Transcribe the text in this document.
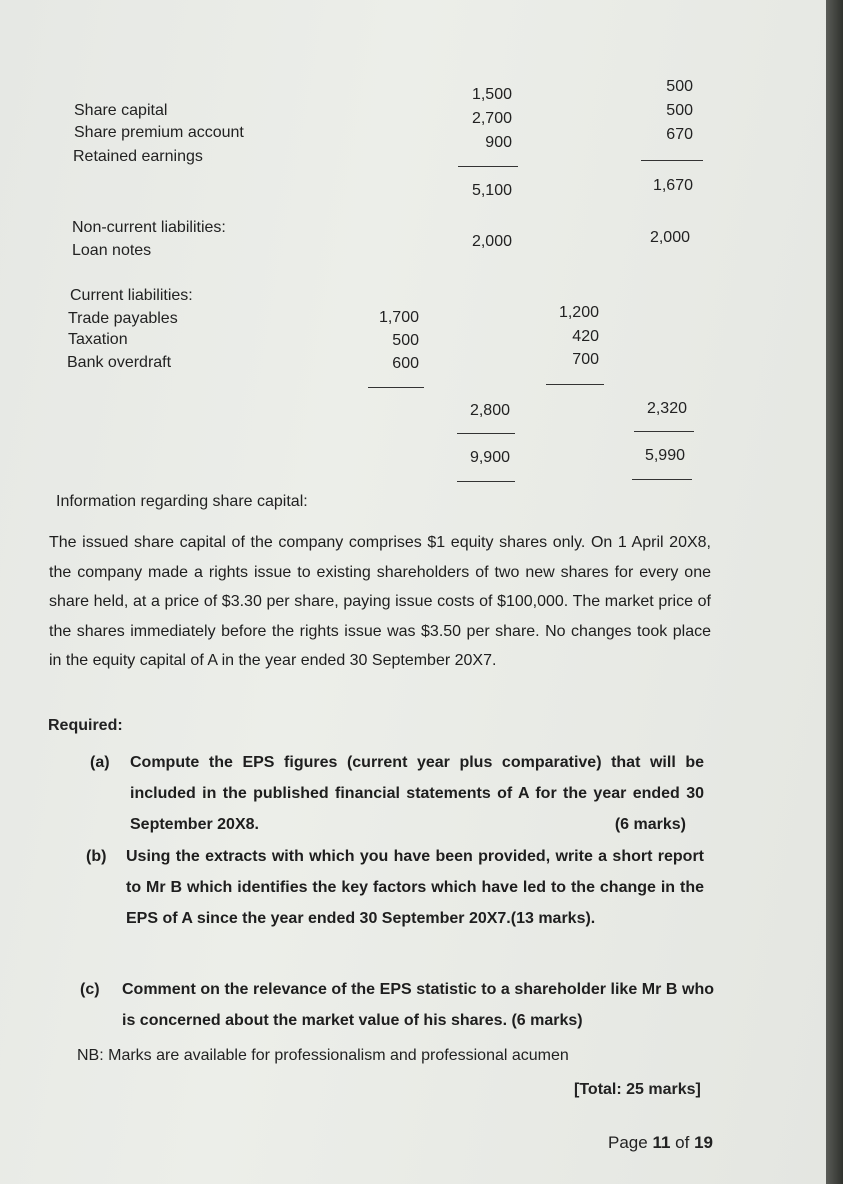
Share capital
Share premium account
Retained earnings
1,500
2,700
900
5,100
500
500
670
1,670
Non-current liabilities:
Loan notes
2,000	2,000
Current liabilities:
Trade payables
Taxation
Bank overdraft
1,700
500
600
1,200
420
700
2,800
9,900
2,320
5,990
Information regarding share capital:
The issued share capital of the company comprises $1 equity shares only. On 1 April 20X8, the company made a rights issue to existing shareholders of two new shares for every one share held, at a price of $3.30 per share, paying issue costs of $100,000. The market price of the shares immediately before the rights issue was $3.50 per share. No changes took place in the equity capital of A in the year ended 30 September 20X7.
Required:
(a) Compute the EPS figures (current year plus comparative) that will be included in the published financial statements of A for the year ended 30 September 20X8.	(6 marks)
(b) Using the extracts with which you have been provided, write a short report to Mr B which identifies the key factors which have led to the change in the EPS of A since the year ended 30 September 20X7.(13 marks).
(c) Comment on the relevance of the EPS statistic to a shareholder like Mr B who is concerned about the market value of his shares. (6 marks)
NB: Marks are available for professionalism and professional acumen
[Total: 25 marks]
Page 11 of 19
